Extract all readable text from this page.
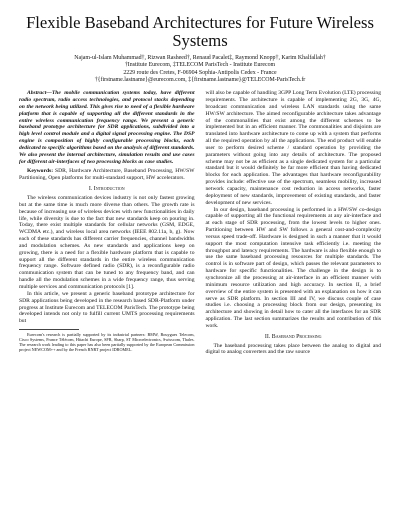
Flexible Baseband Architectures for Future Wireless Systems
Najam-ul-Islam Muhammad†, Rizwan Rasheed†, Renaud Pacalet‡, Raymond Knopp†, Karim Khalfallah†
†Institute Eurecom, ‡TELECOM ParisTech - Institute Eurecom
2229 route des Cretes, F-06904 Sophia-Antipolis Cedex - France
†{firstname.lastname}@eurecom.com, ‡{firstname.lastname}@TELECOM-ParisTech.fr

Abstract—The mobile communication systems today, have different radio spectrum, radio access technologies, and protocol stacks depending on the network being utilized. This gives rise to need of a flexible hardware platform that is capable of supporting all the different standards in the entire wireless communication frequency range. We present a generic baseband prototype architecture for SDR applications, subdivided into a high level control module and a digital signal processing engine. The DSP engine is composition of highly configurable processing blocks, each dedicated to specific algorithms based on the analysis of different standards. We also present the internal architecture, simulation results and use cases for different air-interfaces of two processing blocks as case studies.

Keywords: SDR, Hardware Architecture, Baseband Processing, HW/SW Partitioning, Open platforms for multi-standard support, HW accelerators.

I. Introduction

The wireless communication devices industry is not only fastest growing but at the same time is much more diverse than others. The growth rate is because of increasing use of wireless devices with new functionalities in daily life, while diversity is due to the fact that new standards keep on pouring in. Today, there exist multiple standards for cellular networks (GSM, EDGE, WCDMA etc.), and wireless local area networks (IEEE 802.11a, b, g). Now each of these standards has different carrier frequencies, channel bandwidths and modulation schemes. As new standards and applications keep on growing, there is a need for a flexible hardware platform that is capable to support all the different standards in the entire wireless communication frequency range. Software defined radio (SDR), is a reconfigurable radio communication system that can be tuned to any frequency band, and can handle all the modulation schemes in a wide frequency range, thus serving multiple services and communication protocols [1].

In this article, we present a generic baseband prototype architecture for SDR applications being developed in the research based SDR-Platform under progress at Institute Eurecom and TELECOM ParisTech. The prototype being developed intends not only to fulfill current UMTS processing requirements but

Eurecom's research is partially supported by its industrial partners: BMW, Bouygues Telecom, Cisco Systems, France Télécom, Hitachi Europe, SFR, Sharp, ST Microelectronics, Swisscom, Thales. The research work leading to this paper has also been partially supported by the European Commission project NEWCOM++ and by the French RNRT project IDROMEL.

will also be capable of handling 3GPP Long Term Evolution (LTE) processing requirements. The architecture is capable of implementing 2G, 3G, 4G, broadcast communication and wireless LAN standards using the same HW/SW architecture. The aimed reconfigurable architecture takes advantage of the commonalities that exist among the different schemes to be implemented but in an efficient manner. The commonalities and disjoints are translated into hardware architecture to come up with a system that performs all the required operation by all the applications. The end product will enable user to perform desired scheme / standard operation by providing the parameters without going into any details of architecture. The proposed scheme may not be as efficient as a single dedicated system for a particular standard but it would definitely be far more efficient than having dedicated blocks for each application. The advantages that hardware reconfigurability provides include: effective use of the spectrum, seamless mobility, increased network capacity, maintenance cost reduction in access networks, faster deployment of new standards, improvement of existing standards, and faster development of new services.

In our design, baseband processing is performed in a HW/SW co-design capable of supporting all the functional requirements at any air-interface and at each stage of SDR processing, from the lowest levels to higher ones. Partitioning between HW and SW follows a general cost-and-complexity versus speed trade-off. Hardware is designed in such a manner that it would support the most computation intensive task efficiently i.e. meeting the throughput and latency requirements. The hardware is also flexible enough to use the same baseband processing resources for multiple standards. The control is in software part of design, which passes the relevant parameters to hardware for specific functionalities. The challenge in the design is to synchronize all the processing at air-interface in an efficient manner with minimum resource utilization and high accuracy. In section II, a brief overview of the entire system is presented with an explanation on how it can serve as SDR platform. In section III and IV, we discuss couple of case studies i.e. choosing a processing block from our design, presenting its architecture and showing in detail how to cater all the interfaces for an SDR application. The last section summarizes the results and contribution of this work.

II. Baseband Processing

The baseband processing takes place between the analog to digital and digital to analog converters and the raw source
